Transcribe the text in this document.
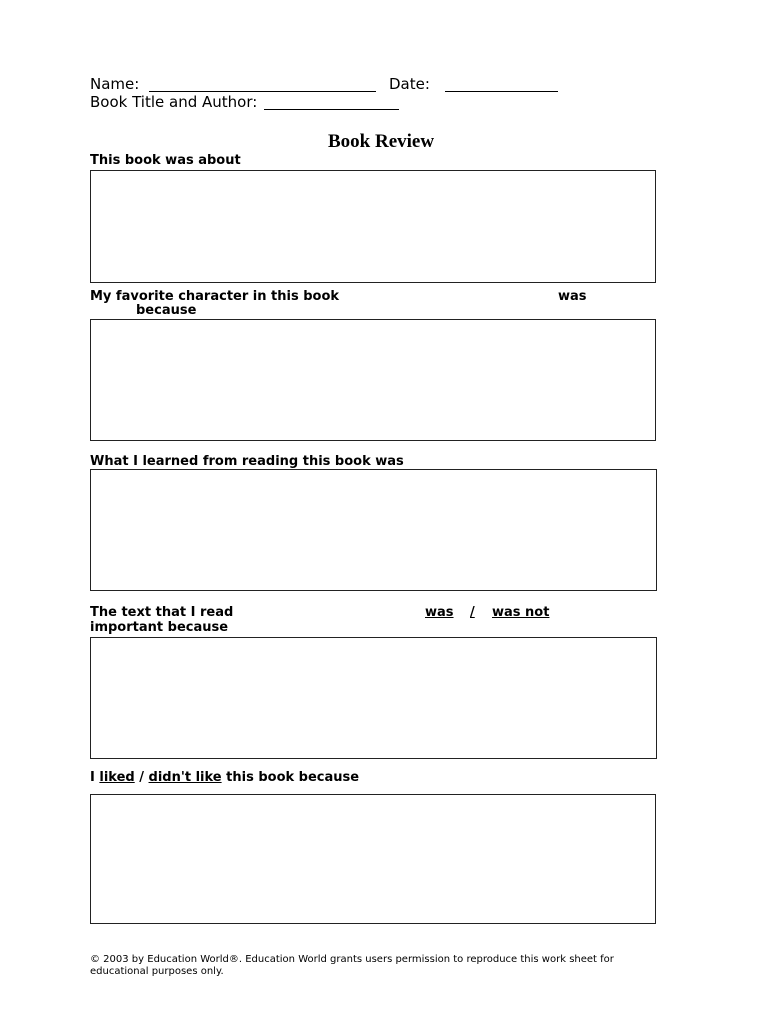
Name:	Date:
Book Title and Author:
Book Review
This book was about
My favorite character in this book	was
because
What I learned from reading this book was
The text that I read	was / was not
important because
I liked / didn't like this book because
© 2003 by Education World®. Education World grants users permission to reproduce this work sheet for educational purposes only.
